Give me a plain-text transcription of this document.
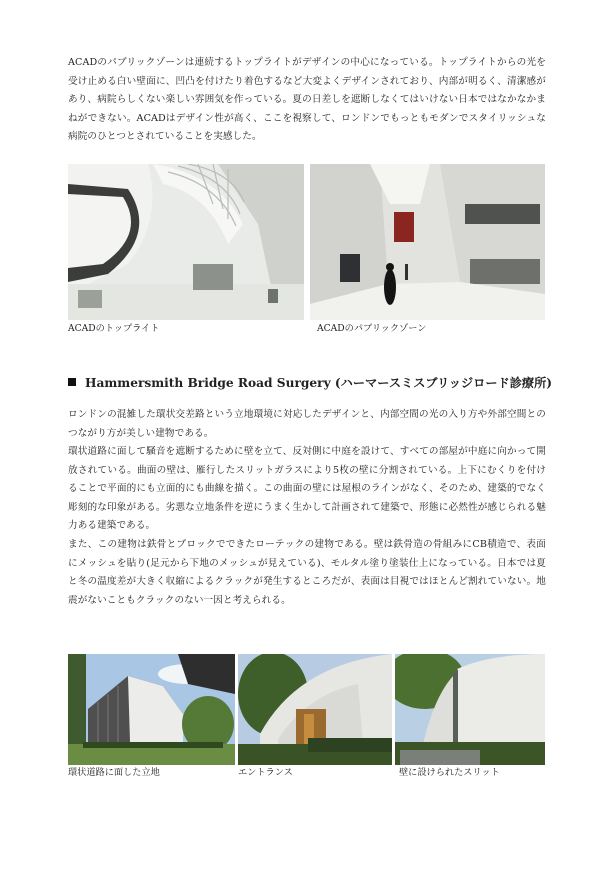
ACADのパブリックゾーンは連続するトップライトがデザインの中心になっている。トップライトからの光を受け止める白い壁面に、凹凸を付けたり着色するなど大変よくデザインされており、内部が明るく、清潔感があり、病院らしくない楽しい雰囲気を作っている。夏の日差しを遮断しなくてはいけない日本ではなかなかまねができない。ACADはデザイン性が高く、ここを視察して、ロンドンでもっともモダンでスタイリッシュな病院のひとつとされていることを実感した。

ACADのトップライト	ACADのパブリックゾーン

Hammersmith Bridge Road Surgery (ハーマースミスブリッジロード診療所)

ロンドンの混雑した環状交差路という立地環境に対応したデザインと、内部空間の光の入り方や外部空間とのつながり方が美しい建物である。

環状道路に面して騒音を遮断するために壁を立て、反対側に中庭を設けて、すべての部屋が中庭に向かって開放されている。曲面の壁は、雁行したスリットガラスにより5枚の壁に分割されている。上下にむくりを付けることで平面的にも立面的にも曲線を描く。この曲面の壁には屋根のラインがなく、そのため、建築的でなく彫刻的な印象がある。劣悪な立地条件を逆にうまく生かして計画されて建築で、形態に必然性が感じられる魅力ある建築である。

また、この建物は鉄骨とブロックでできたローテックの建物である。壁は鉄骨造の骨組みにCB積造で、表面にメッシュを貼り(足元から下地のメッシュが見えている)、モルタル塗り塗装仕上になっている。日本では夏と冬の温度差が大きく収縮によるクラックが発生するところだが、表面は目視ではほとんど割れていない。地震がないこともクラックのない一因と考えられる。

環状道路に面した立地	エントランス	壁に設けられたスリット
